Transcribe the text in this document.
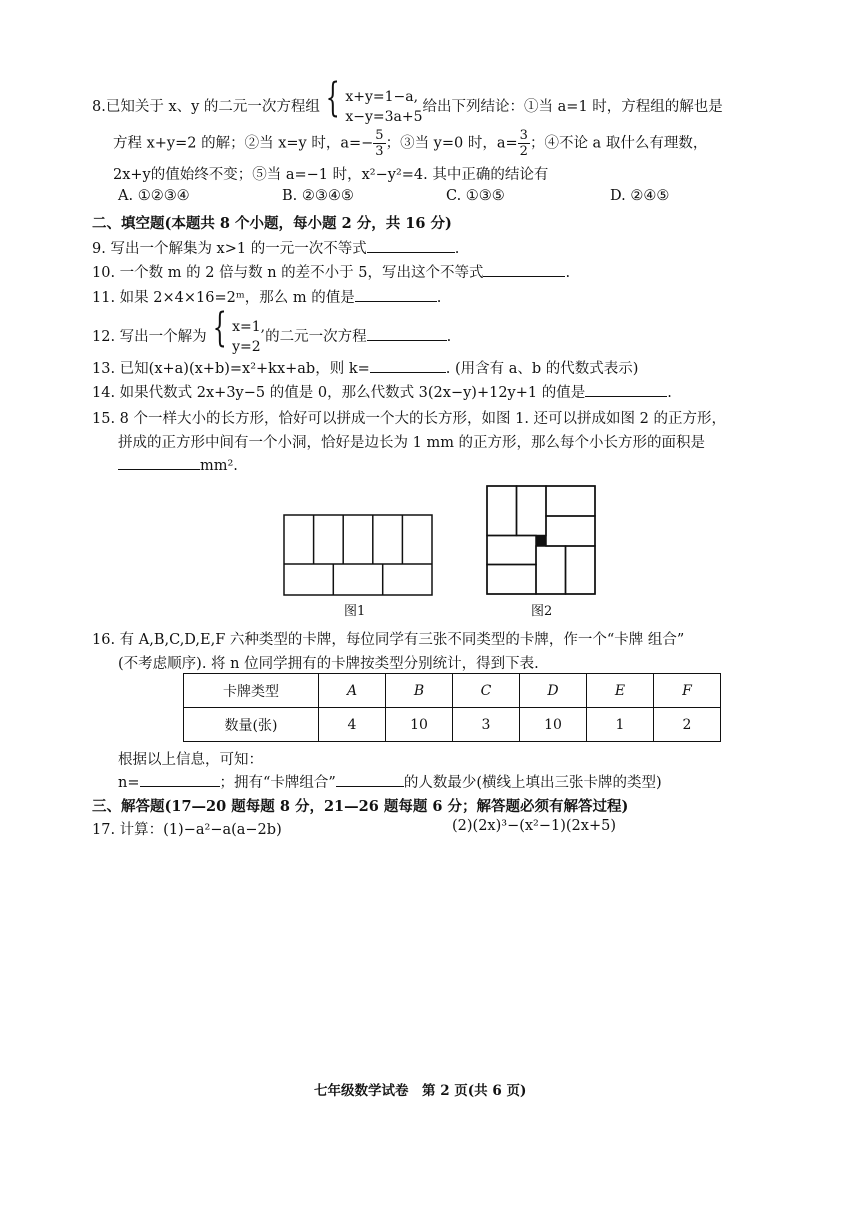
8.已知关于 x、y 的二元一次方程组 { x+y=1−a,
x−y=3a+5给出下列结论：①当 a=1 时，方程组的解也是
方程 x+y=2 的解；②当 x=y 时，$a=- \frac{5}{3}$ ；③当 y=0 时，$a= \frac{3}{2}$ ；④不论 a 取什么有理数，
2x+y的值始终不变；⑤当 a=−1 时，x²−y²=4. 其中正确的结论有
A. ①②③④	B. ②③④⑤	C. ①③⑤	D. ②④⑤
二、填空题(本题共 8 个小题，每小题 2 分，共 16 分)
9. 写出一个解集为 x>1 的一元一次不等式	.
10. 一个数 m 的 2 倍与数 n 的差不小于 5，写出这个不等式	.
11. 如果 2×4×16=2ᵐ，那么 m 的值是	.
12. 写出一个解为 { x=1,
y=2的二元一次方程	.
13. 已知(x+a)(x+b)=x²+kx+ab，则 k=	. (用含有 a、b 的代数式表示)
14. 如果代数式 2x+3y−5 的值是 0，那么代数式 3(2x−y)+12y+1 的值是	.
15. 8 个一样大小的长方形，恰好可以拼成一个大的长方形，如图 1. 还可以拼成如图 2 的正方形，
拼成的正方形中间有一个小洞，恰好是边长为 1 mm 的正方形，那么每个小长方形的面积是
mm².
图1	图2
16. 有 A,B,C,D,E,F 六种类型的卡牌，每位同学有三张不同类型的卡牌，作一个“卡牌 组合”
(不考虑顺序). 将 n 位同学拥有的卡牌按类型分别统计，得到下表.
卡牌类型	A	B	C	D	E	F
数量(张)	4	10	3	10	1	2
根据以上信息，可知：
n=	；拥有“卡牌组合”	的人数最少(横线上填出三张卡牌的类型)
三、解答题(17—20 题每题 8 分，21—26 题每题 6 分；解答题必须有解答过程)
17. 计算：(1)−a²−a(a−2b)	(2)(2x)³−(x²−1)(2x+5)
七年级数学试卷　第 2 页(共 6 页)
